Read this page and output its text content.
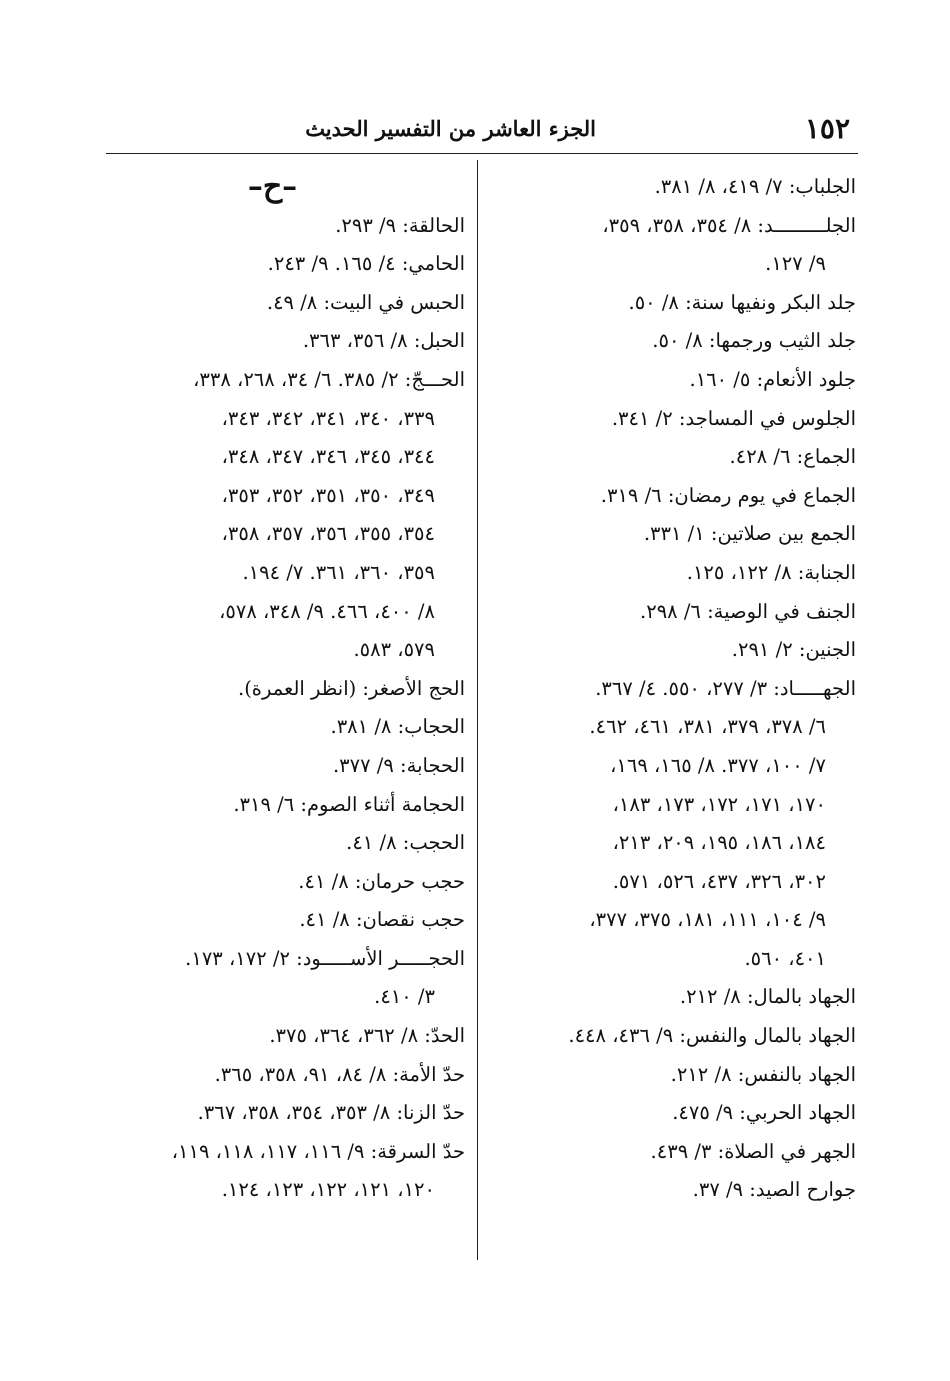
١٥٢
الجزء العاشر من التفسير الحديث
الجلباب: ٧/ ٤١٩، ٨/ ٣٨١.
الجلـــــــــد: ٨/ ٣٥٤، ٣٥٨، ٣٥٩،
٩/ ١٢٧.
جلد البكر ونفيها سنة: ٨/ ٥٠.
جلد الثيب ورجمها: ٨/ ٥٠.
جلود الأنعام: ٥/ ١٦٠.
الجلوس في المساجد: ٢/ ٣٤١.
الجماع: ٦/ ٤٢٨.
الجماع في يوم رمضان: ٦/ ٣١٩.
الجمع بين صلاتين: ١/ ٣٣١.
الجنابة: ٨/ ١٢٢، ١٢٥.
الجنف في الوصية: ٦/ ٢٩٨.
الجنين: ٢/ ٢٩١.
الجهـــــاد: ٣/ ٢٧٧، ٥٥٠. ٤/ ٣٦٧.
٦/ ٣٧٨، ٣٧٩، ٣٨١، ٤٦١، ٤٦٢.
٧/ ١٠٠، ٣٧٧. ٨/ ١٦٥، ١٦٩،
١٧٠، ١٧١، ١٧٢، ١٧٣، ١٨٣،
١٨٤، ١٨٦، ١٩٥، ٢٠٩، ٢١٣،
٣٠٢، ٣٢٦، ٤٣٧، ٥٢٦، ٥٧١.
٩/ ١٠٤، ١١١، ١٨١، ٣٧٥، ٣٧٧،
٤٠١، ٥٦٠.
الجهاد بالمال: ٨/ ٢١٢.
الجهاد بالمال والنفس: ٩/ ٤٣٦، ٤٤٨.
الجهاد بالنفس: ٨/ ٢١٢.
الجهاد الحربي: ٩/ ٤٧٥.
الجهر في الصلاة: ٣/ ٤٣٩.
جوارح الصيد: ٩/ ٣٧.
–ح–
الحالقة: ٩/ ٢٩٣.
الحامي: ٤/ ١٦٥. ٩/ ٢٤٣.
الحبس في البيت: ٨/ ٤٩.
الحبل: ٨/ ٣٥٦، ٣٦٣.
الحـــجّ: ٢/ ٣٨٥. ٦/ ٣٤، ٢٦٨، ٣٣٨،
٣٣٩، ٣٤٠، ٣٤١، ٣٤٢، ٣٤٣،
٣٤٤، ٣٤٥، ٣٤٦، ٣٤٧، ٣٤٨،
٣٤٩، ٣٥٠، ٣٥١، ٣٥٢، ٣٥٣،
٣٥٤، ٣٥٥، ٣٥٦، ٣٥٧، ٣٥٨،
٣٥٩، ٣٦٠، ٣٦١. ٧/ ١٩٤.
٨/ ٤٠٠، ٤٦٦. ٩/ ٣٤٨، ٥٧٨،
٥٧٩، ٥٨٣.
الحج الأصغر: (انظر العمرة).
الحجاب: ٨/ ٣٨١.
الحجابة: ٩/ ٣٧٧.
الحجامة أثناء الصوم: ٦/ ٣١٩.
الحجب: ٨/ ٤١.
حجب حرمان: ٨/ ٤١.
حجب نقصان: ٨/ ٤١.
الحجـــــر الأســـــود: ٢/ ١٧٢، ١٧٣.
٣/ ٤١٠.
الحدّ: ٨/ ٣٦٢، ٣٦٤، ٣٧٥.
حدّ الأمة: ٨/ ٨٤، ٩١، ٣٥٨، ٣٦٥.
حدّ الزنا: ٨/ ٣٥٣، ٣٥٤، ٣٥٨، ٣٦٧.
حدّ السرقة: ٩/ ١١٦، ١١٧، ١١٨، ١١٩،
١٢٠، ١٢١، ١٢٢، ١٢٣، ١٢٤.
